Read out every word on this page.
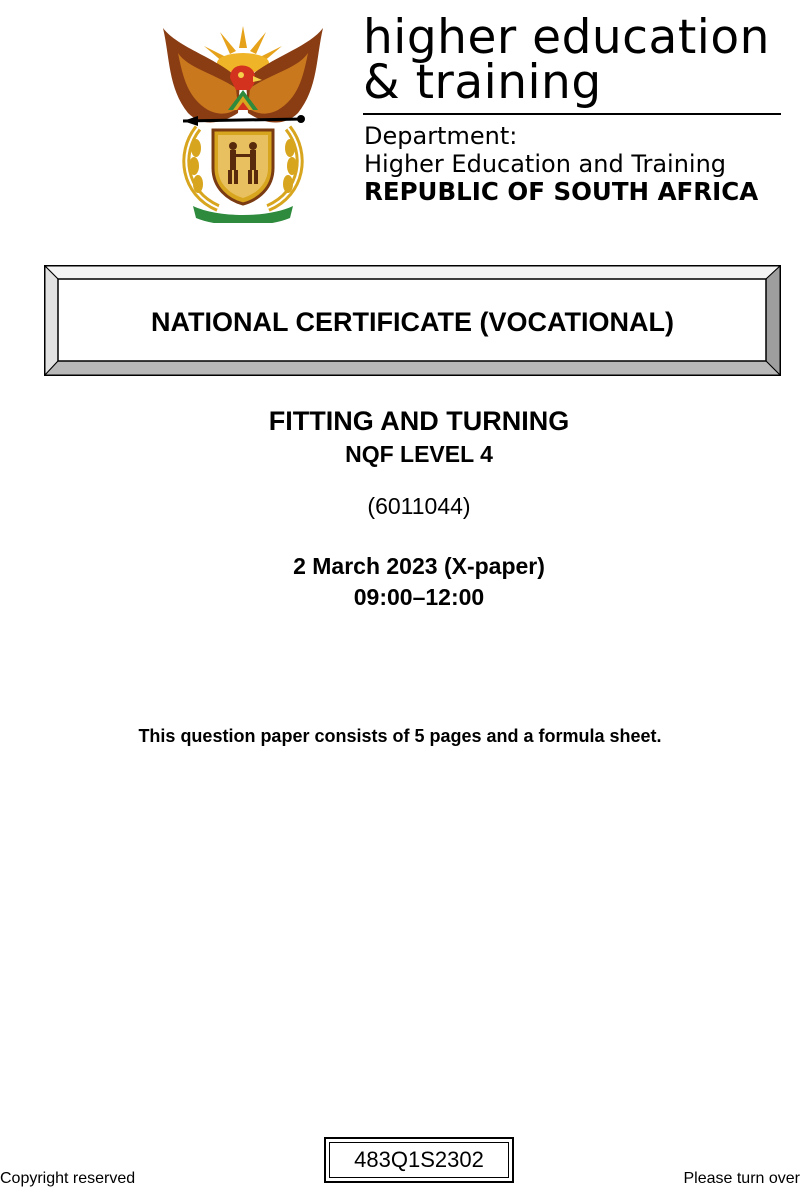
higher education
& training
Department:
Higher Education and Training
REPUBLIC OF SOUTH AFRICA
NATIONAL CERTIFICATE (VOCATIONAL)
FITTING AND TURNING
NQF LEVEL 4
(6011044)
2 March 2023 (X-paper)
09:00–12:00
This question paper consists of 5 pages and a formula sheet.
Copyright reserved
483Q1S2302
Please turn over
